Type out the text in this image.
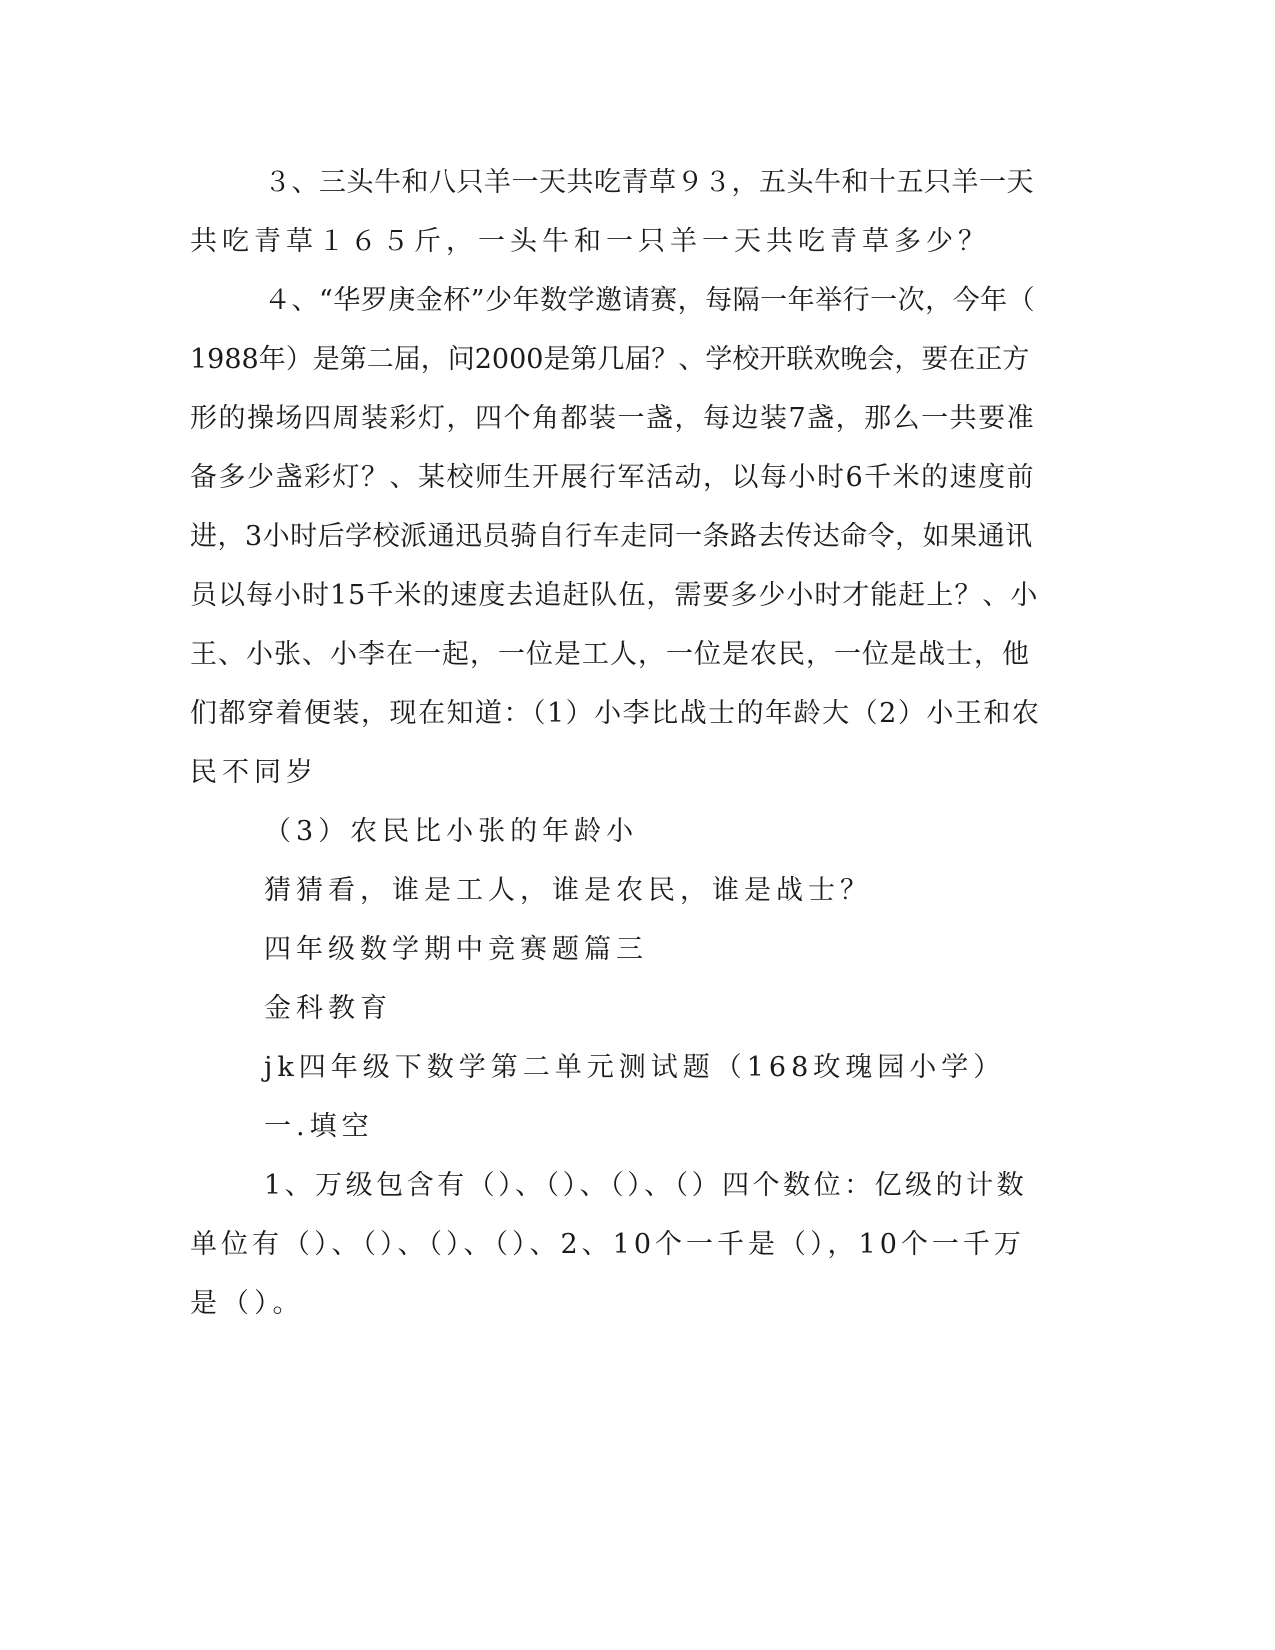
３、三头牛和八只羊一天共吃青草９３，五头牛和十五只羊一天
共吃青草１６５斤，一头牛和一只羊一天共吃青草多少？
４、“华罗庚金杯”少年数学邀请赛，每隔一年举行一次，今年（
1988年）是第二届，问2000是第几届？、学校开联欢晚会，要在正方
形的操场四周装彩灯，四个角都装一盏，每边装7盏，那么一共要准
备多少盏彩灯？、某校师生开展行军活动，以每小时6千米的速度前
进，3小时后学校派通迅员骑自行车走同一条路去传达命令，如果通讯
员以每小时15千米的速度去追赶队伍，需要多少小时才能赶上？、小
王、小张、小李在一起，一位是工人，一位是农民，一位是战士，他
们都穿着便装，现在知道：（1）小李比战士的年龄大（2）小王和农
民不同岁
（3）农民比小张的年龄小
猜猜看，谁是工人，谁是农民，谁是战士？
四年级数学期中竞赛题篇三
金科教育
jk四年级下数学第二单元测试题（168玫瑰园小学）
一.填空
1、万级包含有（）、（）、（）、（）四个数位：亿级的计数
单位有（）、（）、（）、（）、2、10个一千是（），10个一千万
是（）。
